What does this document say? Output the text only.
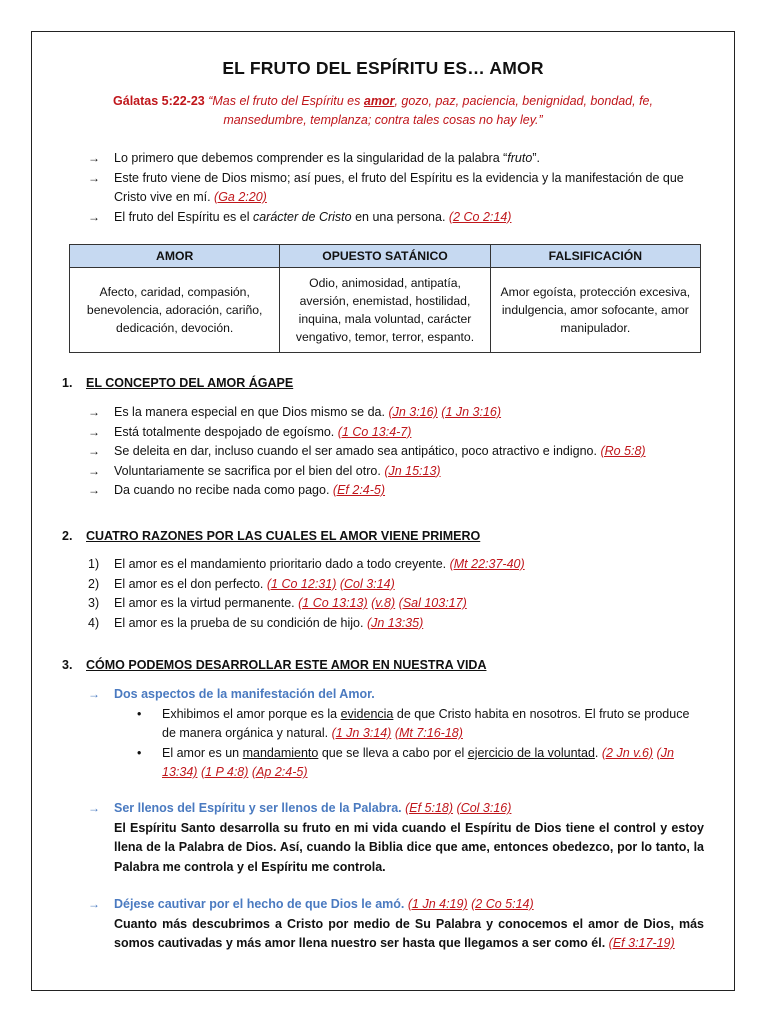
EL FRUTO DEL ESPÍRITU ES… AMOR
Gálatas 5:22-23 “Mas el fruto del Espíritu es amor, gozo, paz, paciencia, benignidad, bondad, fe, mansedumbre, templanza; contra tales cosas no hay ley.”
→	Lo primero que debemos comprender es la singularidad de la palabra “fruto”.
→	Este fruto viene de Dios mismo; así pues, el fruto del Espíritu es la evidencia y la manifestación de que Cristo vive en mí. (Ga 2:20)
→	El fruto del Espíritu es el carácter de Cristo en una persona. (2 Co 2:14)
AMOR	OPUESTO SATÁNICO	FALSIFICACIÓN
Afecto, caridad, compasión, benevolencia, adoración, cariño, dedicación, devoción.	Odio, animosidad, antipatía, aversión, enemistad, hostilidad, inquina, mala voluntad, carácter vengativo, temor, terror, espanto.	Amor egoísta, protección excesiva, indulgencia, amor sofocante, amor manipulador.
1. EL CONCEPTO DEL AMOR ÁGAPE
→	Es la manera especial en que Dios mismo se da. (Jn 3:16) (1 Jn 3:16)
→	Está totalmente despojado de egoísmo. (1 Co 13:4-7)
→	Se deleita en dar, incluso cuando el ser amado sea antipático, poco atractivo e indigno. (Ro 5:8)
→	Voluntariamente se sacrifica por el bien del otro. (Jn 15:13)
→	Da cuando no recibe nada como pago. (Ef 2:4-5)
2. CUATRO RAZONES POR LAS CUALES EL AMOR VIENE PRIMERO
1) El amor es el mandamiento prioritario dado a todo creyente. (Mt 22:37-40)
2) El amor es el don perfecto. (1 Co 12:31) (Col 3:14)
3) El amor es la virtud permanente. (1 Co 13:13) (v.8) (Sal 103:17)
4) El amor es la prueba de su condición de hijo. (Jn 13:35)
3. CÓMO PODEMOS DESARROLLAR ESTE AMOR EN NUESTRA VIDA
→	Dos aspectos de la manifestación del Amor.
• Exhibimos el amor porque es la evidencia de que Cristo habita en nosotros. El fruto se produce de manera orgánica y natural. (1 Jn 3:14) (Mt 7:16-18)
• El amor es un mandamiento que se lleva a cabo por el ejercicio de la voluntad. (2 Jn v.6) (Jn 13:34) (1 P 4:8) (Ap 2:4-5)
→	Ser llenos del Espíritu y ser llenos de la Palabra. (Ef 5:18) (Col 3:16)
El Espíritu Santo desarrolla su fruto en mi vida cuando el Espíritu de Dios tiene el control y estoy llena de la Palabra de Dios. Así, cuando la Biblia dice que ame, entonces obedezco, por lo tanto, la Palabra me controla y el Espíritu me controla.
→	Déjese cautivar por el hecho de que Dios le amó. (1 Jn 4:19) (2 Co 5:14)
Cuanto más descubrimos a Cristo por medio de Su Palabra y conocemos el amor de Dios, más somos cautivadas y más amor llena nuestro ser hasta que llegamos a ser como él. (Ef 3:17-19)
